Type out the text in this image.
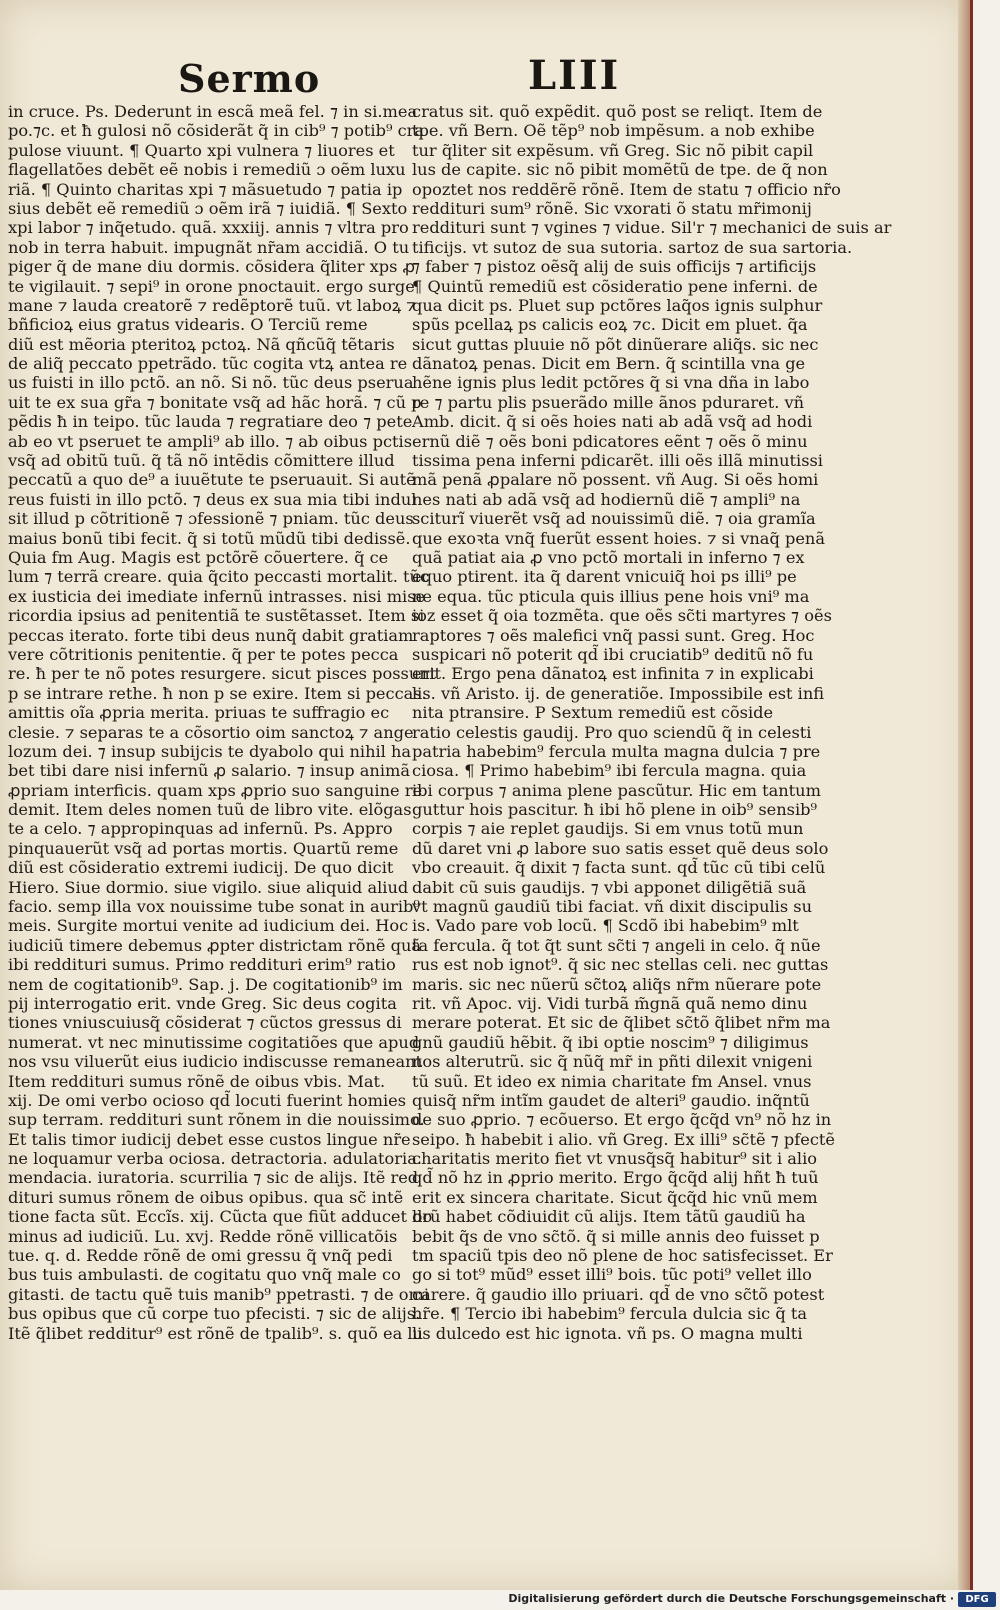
Sermo	LIII
in cruce. Ps. Dederunt in escã meã fel. ⁊ in si.mea
po.⁊c. et ħ gulosi nõ cõsiderãt q̃ in cib⁹ ⁊ potib⁹ cra
pulose viuunt. ¶ Quarto xpi vulnera ⁊ liuores et
flagellatões debẽt eẽ nobis i remediũ ɔ oẽm luxu
riã. ¶ Quinto charitas xpi ⁊ mãsuetudo ⁊ patia ip
sius debẽt eẽ remediũ ɔ oẽm irã ⁊ iuidiã. ¶ Sexto
xpi labor ⁊ inq̃etudo. quã. xxxiij. annis ⁊ vltra pro
nob in terra habuit. impugnãt nr̃am accidiã. O tu
piger q̃ de mane diu dormis. cõsidera q̃liter xps ꝓ
te vigilauit. ⁊ sepi⁹ in orone pnoctauit. ergo surge
mane ⁊ lauda creatorẽ ⁊ redẽptorẽ tuũ. vt laboꝝ ⁊
bñficioꝝ eius gratus videaris. O Terciũ reme
diũ est mẽoria pteritoꝝ pctoꝝ. Nã qñcũq̃ tẽtaris
de aliq̃ peccato ppetrãdo. tũc cogita vtꝝ antea re
us fuisti in illo pctõ. an nõ. Si nõ. tũc deus pserua
uit te ex sua gr̃a ⁊ bonitate vsq̃ ad hãc horã. ⁊ cũ p
pẽdis ħ in teipo. tũc lauda ⁊ regratiare deo ⁊ pete
ab eo vt pseruet te ampli⁹ ab illo. ⁊ ab oibus pctis
vsq̃ ad obitũ tuũ. q̃ tã nõ intẽdis cõmittere illud
peccatũ a quo de⁹ a iuuẽtute te pseruauit. Si autẽ
reus fuisti in illo pctõ. ⁊ deus ex sua mia tibi indul
sit illud p cõtritionẽ ⁊ ɔfessionẽ ⁊ pniam. tũc deus
maius bonũ tibi fecit. q̃ si totũ mũdũ tibi dedissẽ.
Quia fm Aug. Magis est pctõrẽ cõuertere. q̃ ce
lum ⁊ terrã creare. quia q̃cito peccasti mortalit. tũc
ex iusticia dei imediate infernũ intrasses. nisi mise
ricordia ipsius ad penitentiã te sustẽtasset. Item si
peccas iterato. forte tibi deus nunq̃ dabit gratiam
vere cõtritionis penitentie. q̃ per te potes pecca
re. ħ per te nõ potes resurgere. sicut pisces possunt
p se intrare rethe. ħ non p se exire. Item si peccas.
amittis oĩa ꝓpria merita. priuas te suffragio ec
clesie. ⁊ separas te a cõsortio oim sanctoꝝ ⁊ ange
lozum dei. ⁊ insup subijcis te dyabolo qui nihil ha
bet tibi dare nisi infernũ ꝓ salario. ⁊ insup animã
ꝓpriam interficis. quam xps ꝓprio suo sanguine re
demit. Item deles nomen tuũ de libro vite. elõgas
te a celo. ⁊ appropinquas ad infernũ. Ps. Appro
pinquauerũt vsq̃ ad portas mortis. Quartũ reme
diũ est cõsideratio extremi iudicij. De quo dicit
Hiero. Siue dormio. siue vigilo. siue aliquid aliud
facio. semp illa vox nouissime tube sonat in aurib⁹
meis. Surgite mortui venite ad iudicium dei. Hoc
iudiciũ timere debemus ꝓpter districtam rõnẽ quã
ibi reddituri sumus. Primo reddituri erim⁹ ratio
nem de cogitationib⁹. Sap. j. De cogitationib⁹ im
pij interrogatio erit. vnde Greg. Sic deus cogita
tiones vniuscuiusq̃ cõsiderat ⁊ cũctos gressus di
numerat. vt nec minutissime cogitatiões que apud
nos vsu viluerũt eius iudicio indiscusse remaneant
Item reddituri sumus rõnẽ de oibus vbis. Mat.
xij. De omi verbo ocioso qd̃ locuti fuerint homies
sup terram. reddituri sunt rõnem in die nouissimo.
Et talis timor iudicij debet esse custos lingue nr̃e
ne loquamur verba ociosa. detractoria. adulatoria.
mendacia. iuratoria. scurrilia ⁊ sic de alijs. Itẽ red
dituri sumus rõnem de oibus opibus. qua sc̃ intẽ
tione facta sũt. Eccĩs. xij. Cũcta que fiũt adducet do
minus ad iudiciũ. Lu. xvj. Redde rõnẽ villicatõis
tue. q. d. Redde rõnẽ de omi gressu q̃ vnq̃ pedi
bus tuis ambulasti. de cogitatu quo vnq̃ male co
gitasti. de tactu quẽ tuis manib⁹ ppetrasti. ⁊ de omi
bus opibus que cũ corpe tuo pfecisti. ⁊ sic de alijs.
Itẽ q̃libet redditur⁹ est rõnẽ de tpalib⁹. s. quõ ea lu
cratus sit. quõ expẽdit. quõ post se reliqt. Item de
tpe. vñ Bern. Oẽ tẽp⁹ nob impẽsum. a nob exhibe
tur q̃liter sit expẽsum. vñ Greg. Sic nõ pibit capil
lus de capite. sic nõ pibit momẽtũ de tpe. de q̃ non
opoztet nos reddẽrẽ rõnẽ. Item de statu ⁊ officio nr̃o
reddituri sum⁹ rõnẽ. Sic vxorati õ statu mr̃imonij
reddituri sunt ⁊ vgines ⁊ vidue. Sil'r ⁊ mechanici de suis ar
tificijs. vt sutoz de sua sutoria. sartoz de sua sartoria.
⁊ faber ⁊ pistoz oẽsq̃ alij de suis officijs ⁊ artificijs
¶ Quintũ remediũ est cõsideratio pene inferni. de
qua dicit ps. Pluet sup pctõres laq̃os ignis sulphur
spũs pcellaꝝ ps calicis eoꝝ ⁊c. Dicit em pluet. q̃a
sicut guttas pluuie nõ põt dinũerare aliq̃s. sic nec
dãnatoꝝ penas. Dicit em Bern. q̃ scintilla vna ge
hẽne ignis plus ledit pctõres q̃ si vna dña in labo
re ⁊ partu plis psuerãdo mille ãnos pduraret. vñ
Amb. dicit. q̃ si oẽs hoies nati ab adã vsq̃ ad hodi
ernũ diẽ ⁊ oẽs boni pdicatores eẽnt ⁊ oẽs õ minu
tissima pena inferni pdicarẽt. illi oẽs illã minutissi
mã penã ꝓpalare nõ possent. vñ Aug. Si oẽs homi
nes nati ab adã vsq̃ ad hodiernũ diẽ ⁊ ampli⁹ na
sciturĩ viuerẽt vsq̃ ad nouissimũ diẽ. ⁊ oia gramĩa
que exoꝛta vnq̃ fuerũt essent hoies. ⁊ si vnaq̃ penã
quã patiat aia ꝓ vno pctõ mortali in inferno ⁊ ex
equo ptirent. ita q̃ darent vnicuiq̃ hoi ps illi⁹ pe
ne equa. tũc pticula quis illius pene hois vni⁹ ma
ioz esset q̃ oia tozmẽta. que oẽs sc̃ti martyres ⁊ oẽs
raptores ⁊ oẽs malefici vnq̃ passi sunt. Greg. Hoc
suspicari nõ poterit qd̃ ibi cruciatib⁹ deditũ nõ fu
erit. Ergo pena dãnatoꝝ est infinita ⁊ in explicabi
lis. vñ Aristo. ij. de generatiõe. Impossibile est infi
nita ptransire. P Sextum remediũ est cõside
ratio celestis gaudij. Pro quo sciendũ q̃ in celesti
patria habebim⁹ fercula multa magna dulcia ⁊ pre
ciosa. ¶ Primo habebim⁹ ibi fercula magna. quia
ibi corpus ⁊ anima plene pascũtur. Hic em tantum
guttur hois pascitur. ħ ibi hõ plene in oib⁹ sensib⁹
corpis ⁊ aie replet gaudijs. Si em vnus totũ mun
dũ daret vni ꝓ labore suo satis esset quẽ deus solo
vbo creauit. q̃ dixit ⁊ facta sunt. qd̃ tũc cũ tibi celũ
dabit cũ suis gaudijs. ⁊ vbi apponet diligẽtiã suã
vt magnũ gaudiũ tibi faciat. vñ dixit discipulis su
is. Vado pare vob locũ. ¶ Scdõ ibi habebim⁹ mlt
ta fercula. q̃ tot q̃t sunt sc̃ti ⁊ angeli in celo. q̃ nũe
rus est nob ignot⁹. q̃ sic nec stellas celi. nec guttas
maris. sic nec nũerũ sc̃toꝝ aliq̃s nr̃m nũerare pote
rit. vñ Apoc. vij. Vidi turbã m̃gnã quã nemo dinu
merare poterat. Et sic de q̃libet sc̃tõ q̃libet nr̃m ma
gnũ gaudiũ hẽbit. q̃ ibi optie noscim⁹ ⁊ diligimus
nos alterutrũ. sic q̃ nũq̃ mr̃ in pñti dilexit vnigeni
tũ suũ. Et ideo ex nimia charitate fm Ansel. vnus
quisq̃ nr̃m intĩm gaudet de alteri⁹ gaudio. inq̃ntũ
de suo ꝓprio. ⁊ ecõuerso. Et ergo q̃cq̃d vn⁹ nõ hz in
seipo. ħ habebit i alio. vñ Greg. Ex illi⁹ sc̃tẽ ⁊ pfectẽ
charitatis merito fiet vt vnusq̃sq̃ habitur⁹ sit i alio
qd̃ nõ hz in ꝓprio merito. Ergo q̃cq̃d alij hñt ħ tuũ
erit ex sincera charitate. Sicut q̃cq̃d hic vnũ mem
brũ habet cõdiuidit cũ alijs. Item tãtũ gaudiũ ha
bebit q̃s de vno sc̃tõ. q̃ si mille annis deo fuisset p
tm spaciũ tpis deo nõ plene de hoc satisfecisset. Er
go si tot⁹ mũd⁹ esset illi⁹ bois. tũc poti⁹ vellet illo
carere. q̃ gaudio illo priuari. qd̃ de vno sc̃tõ potest
hr̃e. ¶ Tercio ibi habebim⁹ fercula dulcia sic q̃ ta
lis dulcedo est hic ignota. vñ ps. O magna multi
Digitalisierung gefördert durch die Deutsche Forschungsgemeinschaft ·	DFG
